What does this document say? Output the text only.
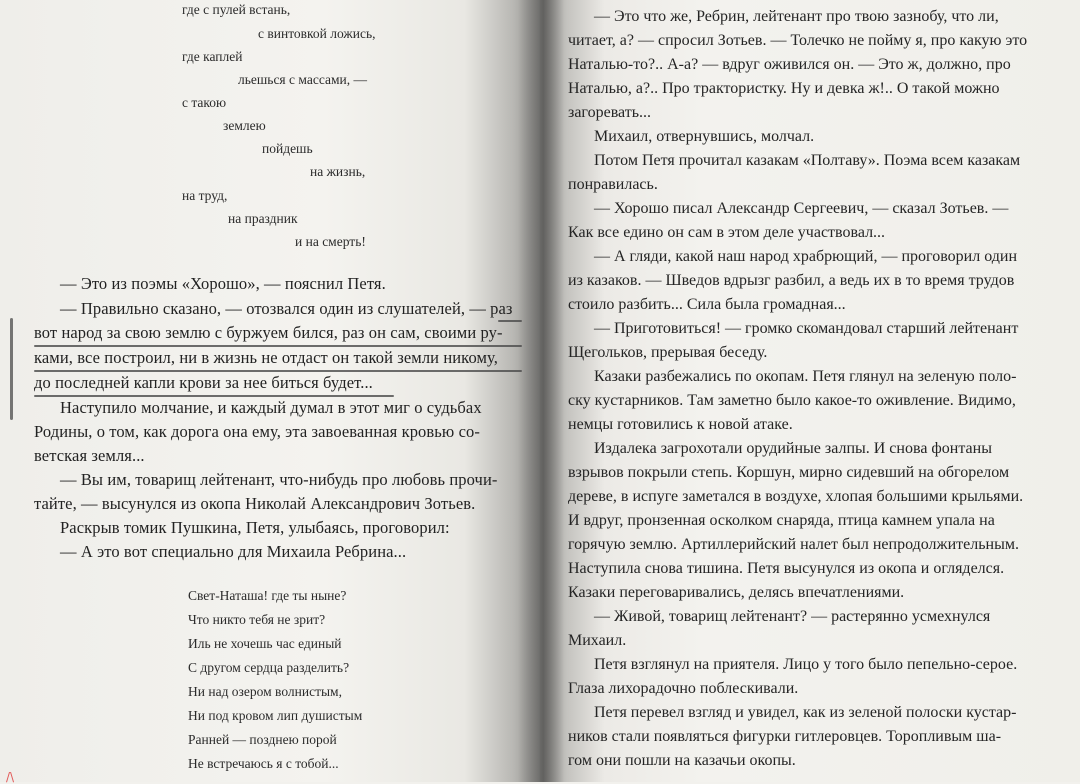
где с пулей встань,
с винтовкой ложись,
где каплей
льешься с массами, —
с такою
землею
пойдешь
на жизнь,
на труд,
на праздник
и на смерть!
— Это из поэмы «Хорошо», — пояснил Петя.
— Правильно сказано, — отозвался один из слушателей, — раз
вот народ за свою землю с буржуем бился, раз он сам, своими ру-
ками, все построил, ни в жизнь не отдаст он такой земли никому,
до последней капли крови за нее биться будет...
Наступило молчание, и каждый думал в этот миг о судьбах
Родины, о том, как дорога она ему, эта завоеванная кровью со-
ветская земля...
— Вы им, товарищ лейтенант, что-нибудь про любовь прочи-
тайте, — высунулся из окопа Николай Александрович Зотьев.
Раскрыв томик Пушкина, Петя, улыбаясь, проговорил:
— А это вот специально для Михаила Ребрина...
Свет-Наташа! где ты ныне?
Что никто тебя не зрит?
Иль не хочешь час единый
С другом сердца разделить?
Ни над озером волнистым,
Ни под кровом лип душистым
Ранней — позднею порой
Не встречаюсь я с тобой...
— Это что же, Ребрин, лейтенант про твою зазнобу, что ли,
читает, а? — спросил Зотьев. — Толечко не пойму я, про какую это
Наталью-то?.. А-а? — вдруг оживился он. — Это ж, должно, про
Наталью, а?.. Про трактористку. Ну и девка ж!.. О такой можно
загоревать...
Михаил, отвернувшись, молчал.
Потом Петя прочитал казакам «Полтаву». Поэма всем казакам
понравилась.
— Хорошо писал Александр Сергеевич, — сказал Зотьев. —
Как все едино он сам в этом деле участвовал...
— А гляди, какой наш народ храбрющий, — проговорил один
из казаков. — Шведов вдрызг разбил, а ведь их в то время трудов
стоило разбить... Сила была громадная...
— Приготовиться! — громко скомандовал старший лейтенант
Щегольков, прерывая беседу.
Казаки разбежались по окопам. Петя глянул на зеленую поло-
ску кустарников. Там заметно было какое-то оживление. Видимо,
немцы готовились к новой атаке.
Издалека загрохотали орудийные залпы. И снова фонтаны
взрывов покрыли степь. Коршун, мирно сидевший на обгорелом
дереве, в испуге заметался в воздухе, хлопая большими крыльями.
И вдруг, пронзенная осколком снаряда, птица камнем упала на
горячую землю. Артиллерийский налет был непродолжительным.
Наступила снова тишина. Петя высунулся из окопа и огляделся.
Казаки переговаривались, делясь впечатлениями.
— Живой, товарищ лейтенант? — растерянно усмехнулся
Михаил.
Петя взглянул на приятеля. Лицо у того было пепельно-серое.
Глаза лихорадочно поблескивали.
Петя перевел взгляд и увидел, как из зеленой полоски кустар-
ников стали появляться фигурки гитлеровцев. Торопливым ша-
гом они пошли на казачьи окопы.
/\
